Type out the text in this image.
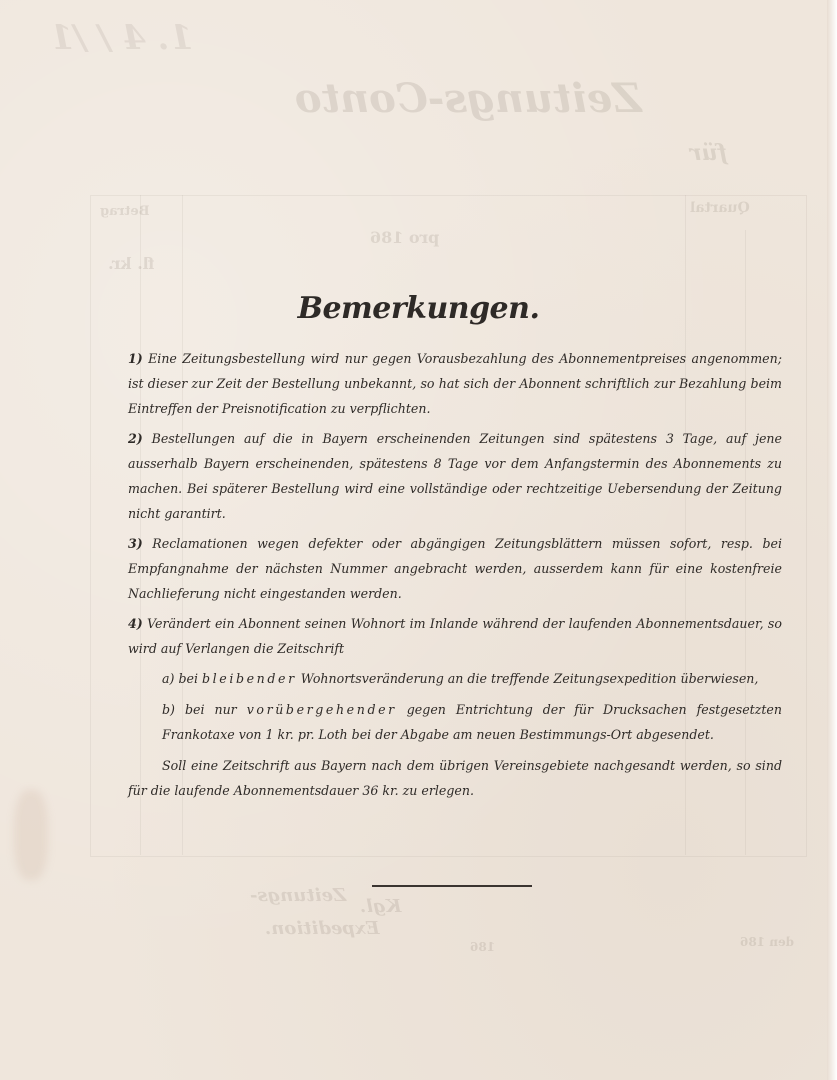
1. 4 / /1
Zeitungs-Conto
für
pro 186
Quartal
Betrag
fl. kr.
Zeitungs-
Kgl.
Expedition.
186	den 186
Bemerkungen.
1) Eine Zeitungsbestellung wird nur gegen Vorausbezahlung des Abonnementpreises angenommen; ist dieser zur Zeit der Bestellung unbekannt, so hat sich der Abonnent schriftlich zur Bezahlung beim Eintreffen der Preisnotification zu verpflichten.
2) Bestellungen auf die in Bayern erscheinenden Zeitungen sind spätestens 3 Tage, auf jene ausserhalb Bayern erscheinenden, spätestens 8 Tage vor dem Anfangstermin des Abonnements zu machen. Bei späterer Bestellung wird eine vollständige oder rechtzeitige Uebersendung der Zeitung nicht garantirt.
3) Reclamationen wegen defekter oder abgängigen Zeitungsblättern müssen sofort, resp. bei Empfangnahme der nächsten Nummer angebracht werden, ausserdem kann für eine kostenfreie Nachlieferung nicht eingestanden werden.
4) Verändert ein Abonnent seinen Wohnort im Inlande während der laufenden Abonnementsdauer, so wird auf Verlangen die Zeitschrift
a) bei bleibender Wohnortsveränderung an die treffende Zeitungsexpedition überwiesen,
b) bei nur vorübergehender gegen Entrichtung der für Drucksachen festgesetzten Frankotaxe von 1 kr. pr. Loth bei der Abgabe am neuen Bestimmungs-Ort abgesendet.
Soll eine Zeitschrift aus Bayern nach dem übrigen Vereinsgebiete nachgesandt werden, so sind für die laufende Abonnementsdauer 36 kr. zu erlegen.
